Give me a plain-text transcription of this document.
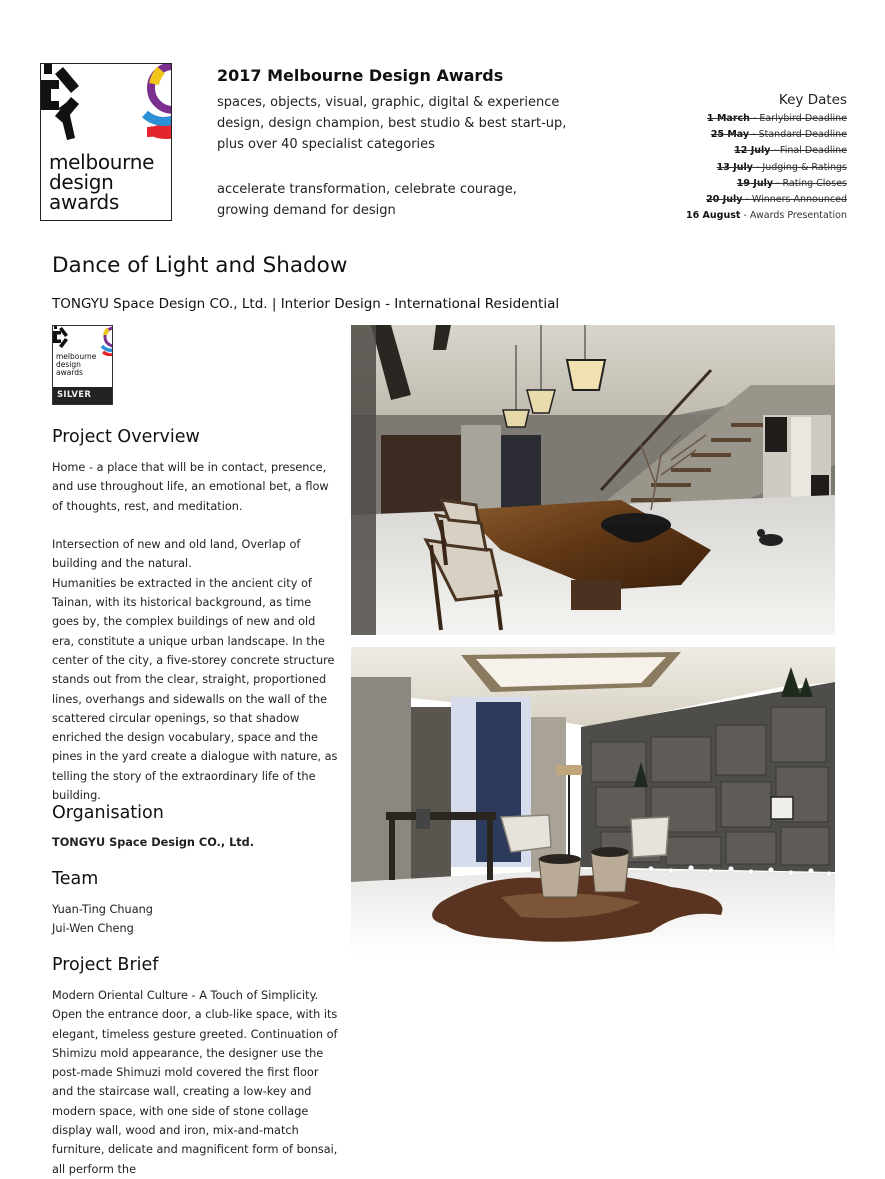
melbourne
design
awards
2017 Melbourne Design Awards
spaces, objects, visual, graphic, digital & experience design, design champion, best studio & best start-up, plus over 40 specialist categories
accelerate transformation, celebrate courage, growing demand for design
Key Dates
1 March - Earlybird Deadline
25 May - Standard Deadline
12 July - Final Deadline
13 July - Judging & Ratings
19 July - Rating Closes
20 July - Winners Announced
16 August - Awards Presentation
Dance of Light and Shadow
TONGYU Space Design CO., Ltd. | Interior Design - International Residential
melbourne
design
awards
SILVER
Project Overview

Home - a place that will be in contact, presence, and use throughout life, an emotional bet, a flow of thoughts, rest, and meditation.

Intersection of new and old land, Overlap of building and the natural.

Humanities be extracted in the ancient city of Tainan, with its historical background, as time goes by, the complex buildings of new and old era, constitute a unique urban landscape. In the center of the city, a five-storey concrete structure stands out from the clear, straight, proportioned lines, overhangs and sidewalls on the wall of the scattered circular openings, so that shadow enriched the design vocabulary, space and the pines in the yard create a dialogue with nature, as telling the story of the extraordinary life of the building.

Organisation
TONGYU Space Design CO., Ltd.
Team
Yuan-Ting Chuang
Jui-Wen Cheng
Project Brief
Modern Oriental Culture - A Touch of Simplicity. Open the entrance door, a club-like space, with its elegant, timeless gesture greeted. Continuation of Shimizu mold appearance, the designer use the post-made Shimuzi mold covered the first floor and the staircase wall, creating a low-key and modern space, with one side of stone collage display wall, wood and iron, mix-and-match furniture, delicate and magnificent form of bonsai, all perform the
